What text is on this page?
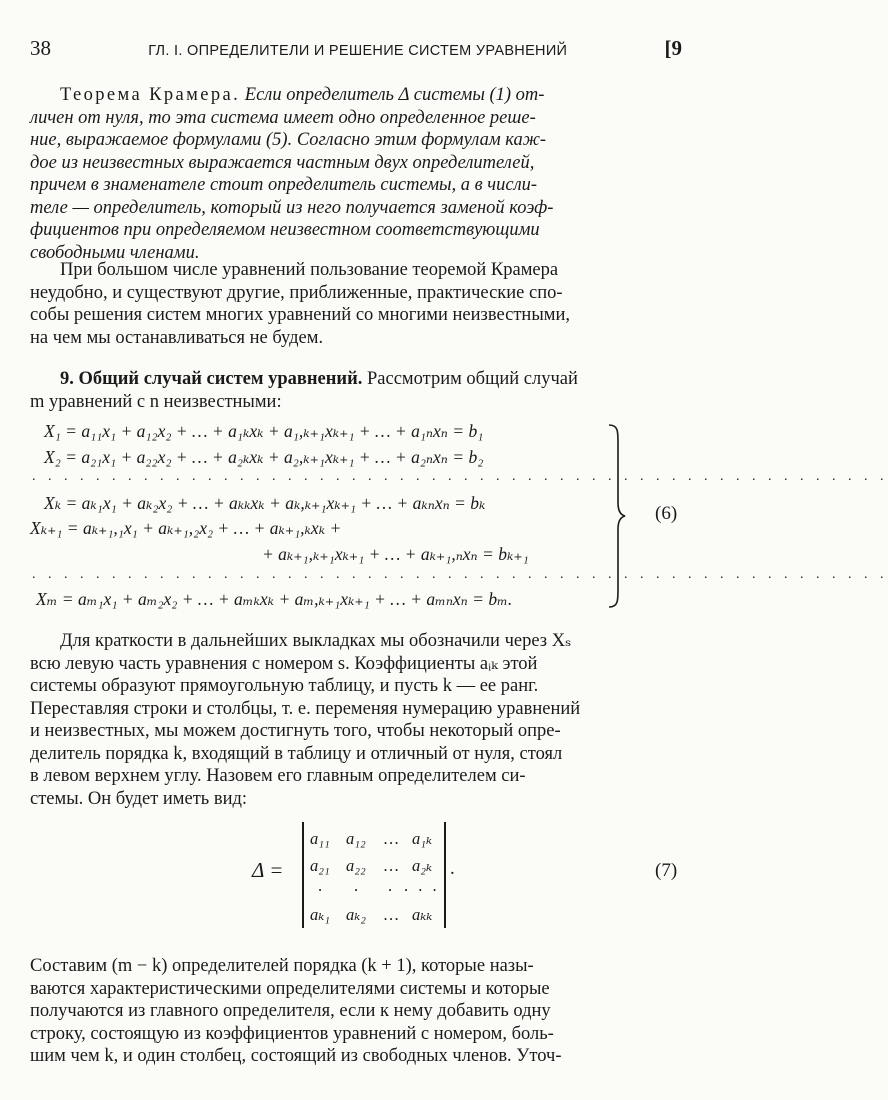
38	ГЛ. I. ОПРЕДЕЛИТЕЛИ И РЕШЕНИЕ СИСТЕМ УРАВНЕНИЙ	[9
Теорема Крамера. Если определитель Δ системы (1) от-
личен от нуля, то эта система имеет одно определенное реше-
ние, выражаемое формулами (5). Согласно этим формулам каж-
дое из неизвестных выражается частным двух определителей,
причем в знаменателе стоит определитель системы, а в числи-
теле — определитель, который из него получается заменой коэф-
фициентов при определяемом неизвестном соответствующими
свободными членами.
При большом числе уравнений пользование теоремой Крамера
неудобно, и существуют другие, приближенные, практические спо-
собы решения систем многих уравнений со многими неизвестными,
на чем мы останавливаться не будем.
9. Общий случай систем уравнений. Рассмотрим общий случай
m уравнений с n неизвестными:
X₁ = a₁₁x₁ + a₁₂x₂ + … + a₁ₖxₖ + a₁,ₖ₊₁xₖ₊₁ + … + a₁ₙxₙ = b₁
X₂ = a₂₁x₁ + a₂₂x₂ + … + a₂ₖxₖ + a₂,ₖ₊₁xₖ₊₁ + … + a₂ₙxₙ = b₂
. . . . . . . . . . . . . . . . . . . . . . . . . . . . . . . . . . . . . . . . . . . . . . . . . . . . . .
Xₖ = aₖ₁x₁ + aₖ₂x₂ + … + aₖₖxₖ + aₖ,ₖ₊₁xₖ₊₁ + … + aₖₙxₙ = bₖ
Xₖ₊₁ = aₖ₊₁,₁x₁ + aₖ₊₁,₂x₂ + … + aₖ₊₁,ₖxₖ +
+ aₖ₊₁,ₖ₊₁xₖ₊₁ + … + aₖ₊₁,ₙxₙ = bₖ₊₁
. . . . . . . . . . . . . . . . . . . . . . . . . . . . . . . . . . . . . . . . . . . . . . . . . . . . . .
Xₘ = aₘ₁x₁ + aₘ₂x₂ + … + aₘₖxₖ + aₘ,ₖ₊₁xₖ₊₁ + … + aₘₙxₙ = bₘ.
(6)
Для краткости в дальнейших выкладках мы обозначили через Xₛ
всю левую часть уравнения с номером s. Коэффициенты aᵢₖ этой
системы образуют прямоугольную таблицу, и пусть k — ее ранг.
Переставляя строки и столбцы, т. е. переменяя нумерацию уравнений
и неизвестных, мы можем достигнуть того, чтобы некоторый опре-
делитель порядка k, входящий в таблицу и отличный от нуля, стоял
в левом верхнем углу. Назовем его главным определителем си-
стемы. Он будет иметь вид:
Δ =
a₁₁ a₁₂ … a₁ₖ
a₂₁ a₂₂ … a₂ₖ
. . . . . .
aₖ₁ aₖ₂ … aₖₖ
.	(7)
Составим (m − k) определителей порядка (k + 1), которые назы-
ваются характеристическими определителями системы и которые
получаются из главного определителя, если к нему добавить одну
строку, состоящую из коэффициентов уравнений с номером, боль-
шим чем k, и один столбец, состоящий из свободных членов. Уточ-
